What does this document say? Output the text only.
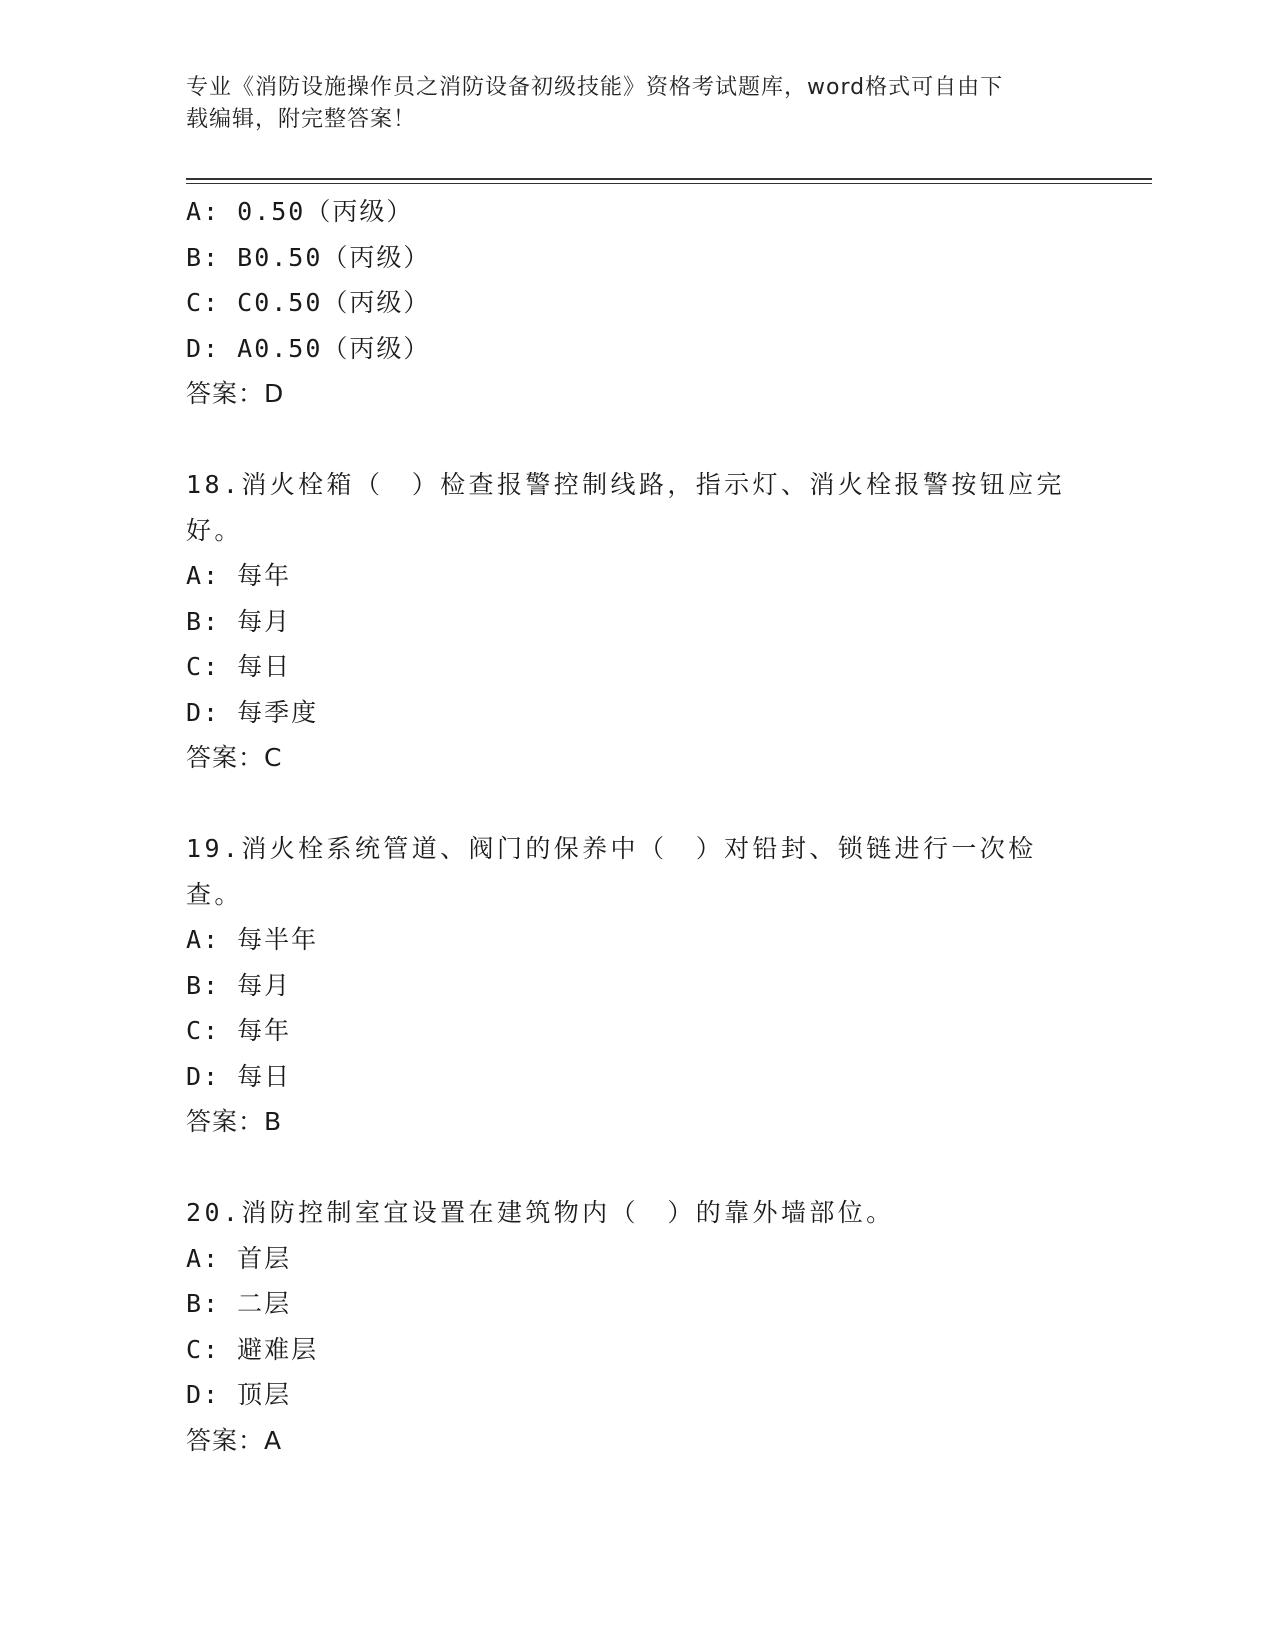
专业《消防设施操作员之消防设备初级技能》资格考试题库，word格式可自由下
载编辑，附完整答案！
A: 0.50（丙级）
B: B0.50（丙级）
C: C0.50（丙级）
D: A0.50（丙级）
答案：D
18.消火栓箱（　）检查报警控制线路，指示灯、消火栓报警按钮应完好。
A: 每年
B: 每月
C: 每日
D: 每季度
答案：C
19.消火栓系统管道、阀门的保养中（　）对铅封、锁链进行一次检查。
A: 每半年
B: 每月
C: 每年
D: 每日
答案：B
20.消防控制室宜设置在建筑物内（　）的靠外墙部位。
A: 首层
B: 二层
C: 避难层
D: 顶层
答案：A
